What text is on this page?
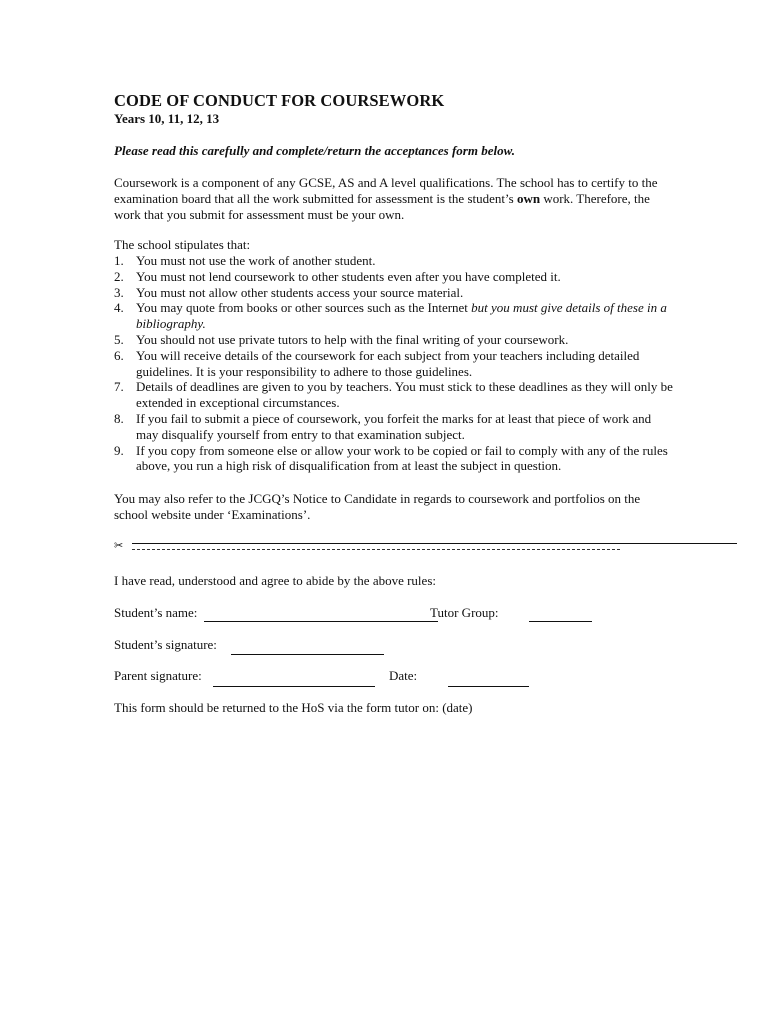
CODE OF CONDUCT FOR COURSEWORK
Years 10, 11, 12, 13
Please read this carefully and complete/return the acceptances form below.
Coursework is a component of any GCSE, AS and A level qualifications. The school has to certify to the examination board that all the work submitted for assessment is the student’s own work. Therefore, the work that you submit for assessment must be your own.
The school stipulates that:
1. You must not use the work of another student.
2. You must not lend coursework to other students even after you have completed it.
3. You must not allow other students access your source material.
4. You may quote from books or other sources such as the Internet but you must give details of these in a bibliography.
5. You should not use private tutors to help with the final writing of your coursework.
6. You will receive details of the coursework for each subject from your teachers including detailed guidelines. It is your responsibility to adhere to those guidelines.
7. Details of deadlines are given to you by teachers. You must stick to these deadlines as they will only be extended in exceptional circumstances.
8. If you fail to submit a piece of coursework, you forfeit the marks for at least that piece of work and may disqualify yourself from entry to that examination subject.
9. If you copy from someone else or allow your work to be copied or fail to comply with any of the rules above, you run a high risk of disqualification from at least the subject in question.
You may also refer to the JCGQ’s Notice to Candidate in regards to coursework and portfolios on the school website under ‘Examinations’.
✂
I have read, understood and agree to abide by the above rules:
Student’s name:	Tutor Group:
Student’s signature:
Parent signature:	Date:
This form should be returned to the HoS via the form tutor on: (date)
